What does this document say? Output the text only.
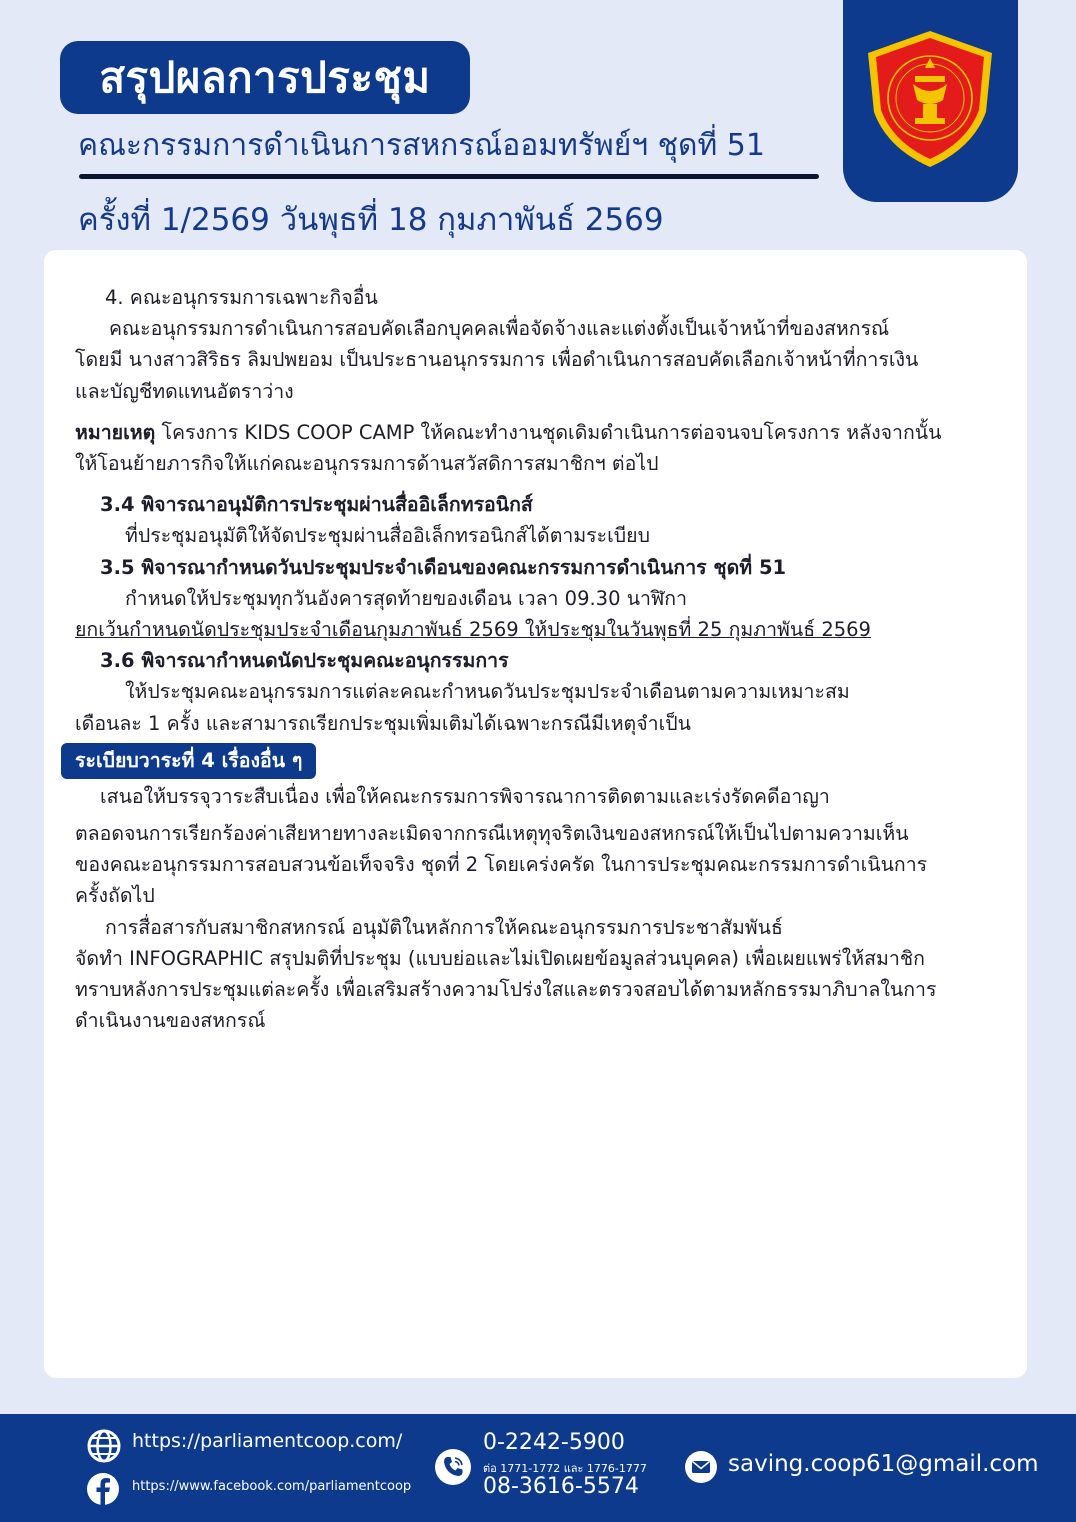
สรุปผลการประชุม
คณะกรรมการดำเนินการสหกรณ์ออมทรัพย์ฯ ชุดที่ 51
ครั้งที่ 1/2569 วันพุธที่ 18 กุมภาพันธ์ 2569

4. คณะอนุกรรมการเฉพาะกิจอื่น

คณะอนุกรรมการดำเนินการสอบคัดเลือกบุคคลเพื่อจัดจ้างและแต่งตั้งเป็นเจ้าหน้าที่ของสหกรณ์

โดยมี นางสาวสิริธร ลิมปพยอม เป็นประธานอนุกรรมการ เพื่อดำเนินการสอบคัดเลือกเจ้าหน้าที่การเงิน

และบัญชีทดแทนอัตราว่าง

หมายเหตุ โครงการ KIDS COOP CAMP ให้คณะทำงานชุดเดิมดำเนินการต่อจนจบโครงการ หลังจากนั้น

ให้โอนย้ายภารกิจให้แก่คณะอนุกรรมการด้านสวัสดิการสมาชิกฯ ต่อไป

3.4 พิจารณาอนุมัติการประชุมผ่านสื่ออิเล็กทรอนิกส์

ที่ประชุมอนุมัติให้จัดประชุมผ่านสื่ออิเล็กทรอนิกส์ได้ตามระเบียบ

3.5 พิจารณากำหนดวันประชุมประจำเดือนของคณะกรรมการดำเนินการ ชุดที่ 51

กำหนดให้ประชุมทุกวันอังคารสุดท้ายของเดือน เวลา 09.30 นาฬิกา

ยกเว้นกำหนดนัดประชุมประจำเดือนกุมภาพันธ์ 2569 ให้ประชุมในวันพุธที่ 25 กุมภาพันธ์ 2569

3.6 พิจารณากำหนดนัดประชุมคณะอนุกรรมการ

ให้ประชุมคณะอนุกรรมการแต่ละคณะกำหนดวันประชุมประจำเดือนตามความเหมาะสม

เดือนละ 1 ครั้ง และสามารถเรียกประชุมเพิ่มเติมได้เฉพาะกรณีมีเหตุจำเป็น

ระเบียบวาระที่ 4 เรื่องอื่น ๆ

เสนอให้บรรจุวาระสืบเนื่อง เพื่อให้คณะกรรมการพิจารณาการติดตามและเร่งรัดคดีอาญา

ตลอดจนการเรียกร้องค่าเสียหายทางละเมิดจากกรณีเหตุทุจริตเงินของสหกรณ์ให้เป็นไปตามความเห็น

ของคณะอนุกรรมการสอบสวนข้อเท็จจริง ชุดที่ 2 โดยเคร่งครัด ในการประชุมคณะกรรมการดำเนินการ

ครั้งถัดไป

การสื่อสารกับสมาชิกสหกรณ์ อนุมัติในหลักการให้คณะอนุกรรมการประชาสัมพันธ์

จัดทำ INFOGRAPHIC สรุปมติที่ประชุม (แบบย่อและไม่เปิดเผยข้อมูลส่วนบุคคล) เพื่อเผยแพร่ให้สมาชิก

ทราบหลังการประชุมแต่ละครั้ง เพื่อเสริมสร้างความโปร่งใสและตรวจสอบได้ตามหลักธรรมาภิบาลในการ

ดำเนินงานของสหกรณ์

https://parliamentcoop.com/
https://www.facebook.com/parliamentcoop
0-2242-5900
ต่อ 1771-1772 และ 1776-1777
08-3616-5574
saving.coop61@gmail.com
